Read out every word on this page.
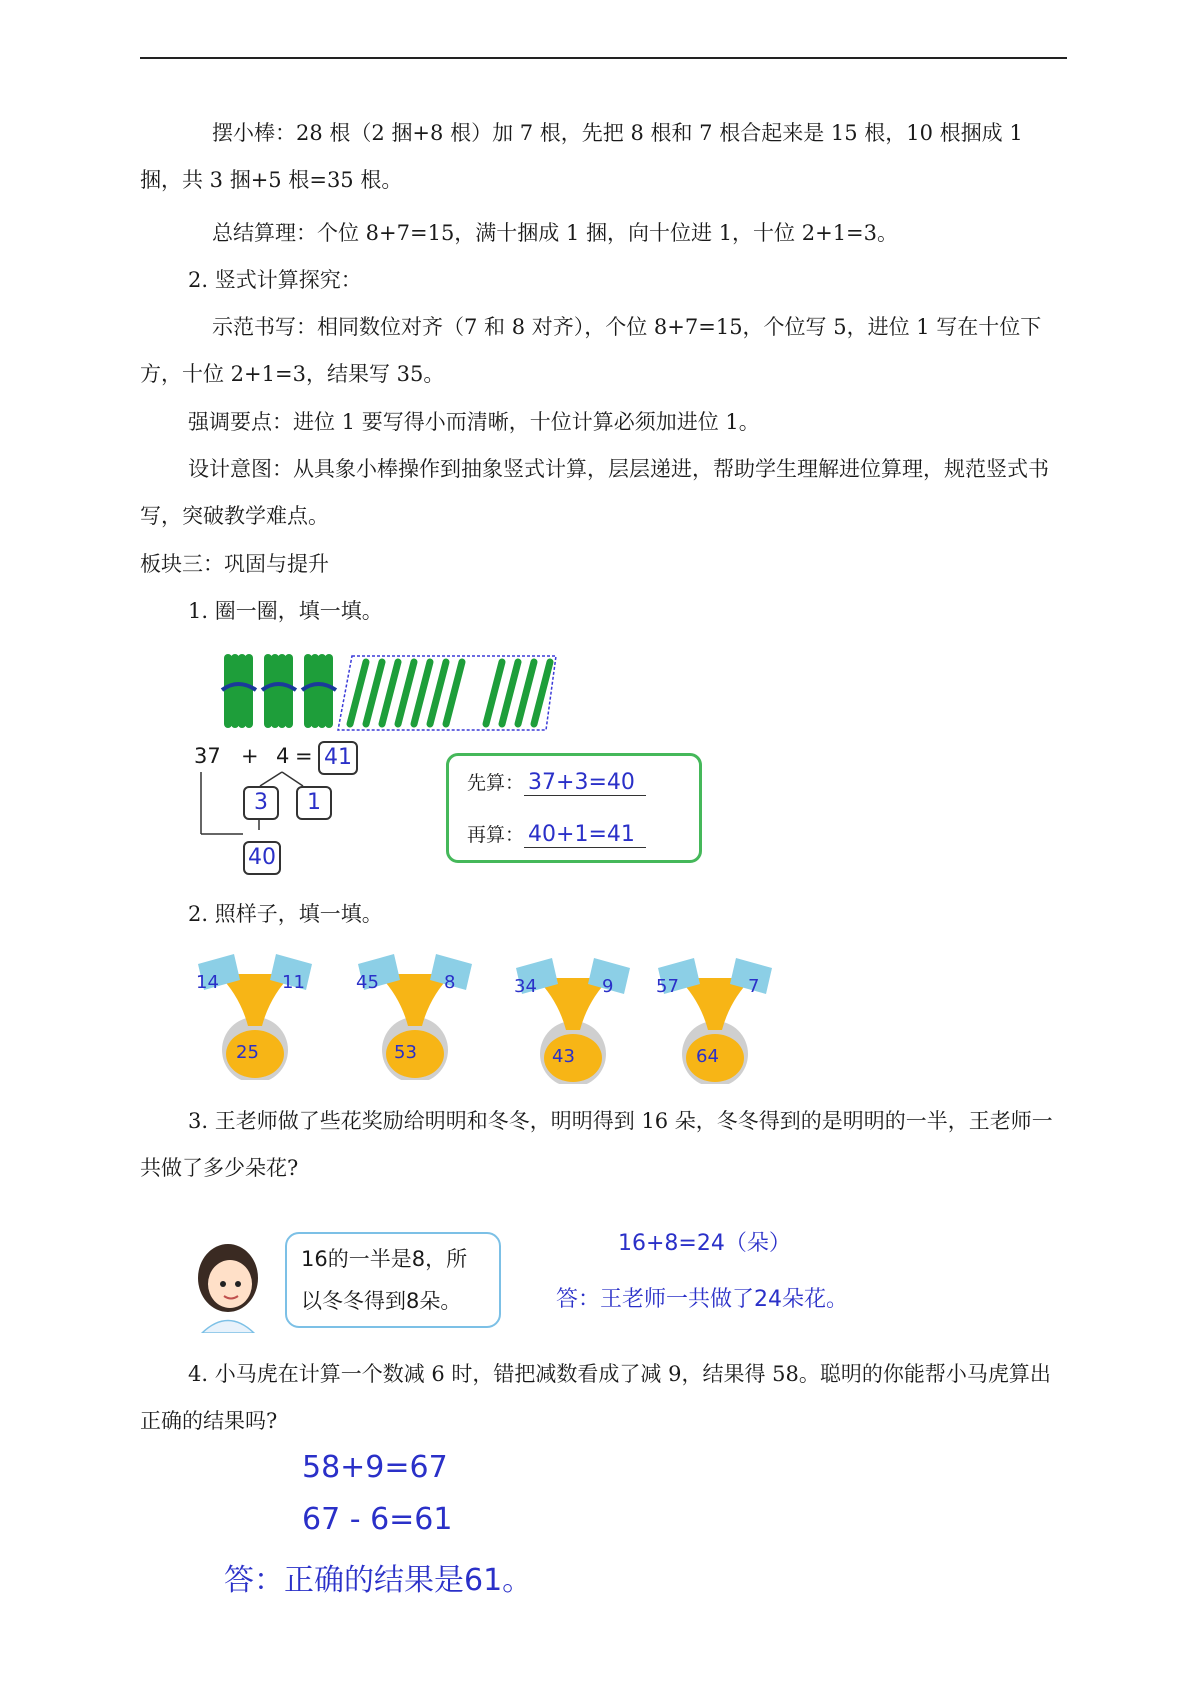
摆小棒：28 根（2 捆+8 根）加 7 根，先把 8 根和 7 根合起来是 15 根，10 根捆成 1 捆，共 3 捆+5 根=35 根。

总结算理：个位 8+7=15，满十捆成 1 捆，向十位进 1，十位 2+1=3。

2. 竖式计算探究：

示范书写：相同数位对齐（7 和 8 对齐），个位 8+7=15，个位写 5，进位 1 写在十位下方，十位 2+1=3，结果写 35。

强调要点：进位 1 要写得小而清晰，十位计算必须加进位 1。

设计意图：从具象小棒操作到抽象竖式计算，层层递进，帮助学生理解进位算理，规范竖式书写，突破教学难点。

板块三：巩固与提升

1. 圈一圈，填一填。

37 + 4 = 41
3	1
40
先算： 37+3=40
再算： 40+1=41

2. 照样子，填一填。

14	11
25
45	8
53
34	9
43
57	7
64

3. 王老师做了些花奖励给明明和冬冬，明明得到 16 朵，冬冬得到的是明明的一半，王老师一共做了多少朵花?

16的一半是8，所
以冬冬得到8朵。
16+8=24（朵）
答：王老师一共做了24朵花。

4. 小马虎在计算一个数减 6 时，错把减数看成了减 9，结果得 58。聪明的你能帮小马虎算出正确的结果吗?

58+9=67
67 - 6=61
答：正确的结果是61。
